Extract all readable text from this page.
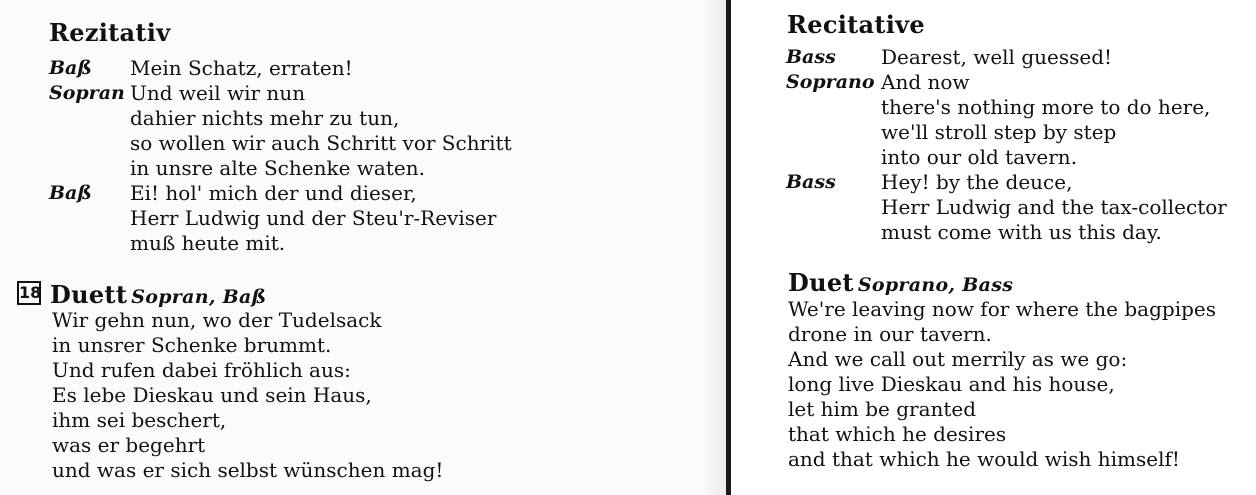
Rezitativ
Baß Mein Schatz, erraten!
Sopran Und weil wir nun
dahier nichts mehr zu tun,
so wollen wir auch Schritt vor Schritt
in unsre alte Schenke waten.
Baß Ei! hol' mich der und dieser,
Herr Ludwig und der Steu'r-Reviser
muß heute mit.
18 Duett Sopran, Baß
Wir gehn nun, wo der Tudelsack
in unsrer Schenke brummt.
Und rufen dabei fröhlich aus:
Es lebe Dieskau und sein Haus,
ihm sei beschert,
was er begehrt
und was er sich selbst wünschen mag!
Recitative
Bass Dearest, well guessed!
Soprano And now
there's nothing more to do here,
we'll stroll step by step
into our old tavern.
Bass Hey! by the deuce,
Herr Ludwig and the tax-collector
must come with us this day.
Duet Soprano, Bass
We're leaving now for where the bagpipes
drone in our tavern.
And we call out merrily as we go:
long live Dieskau and his house,
let him be granted
that which he desires
and that which he would wish himself!
